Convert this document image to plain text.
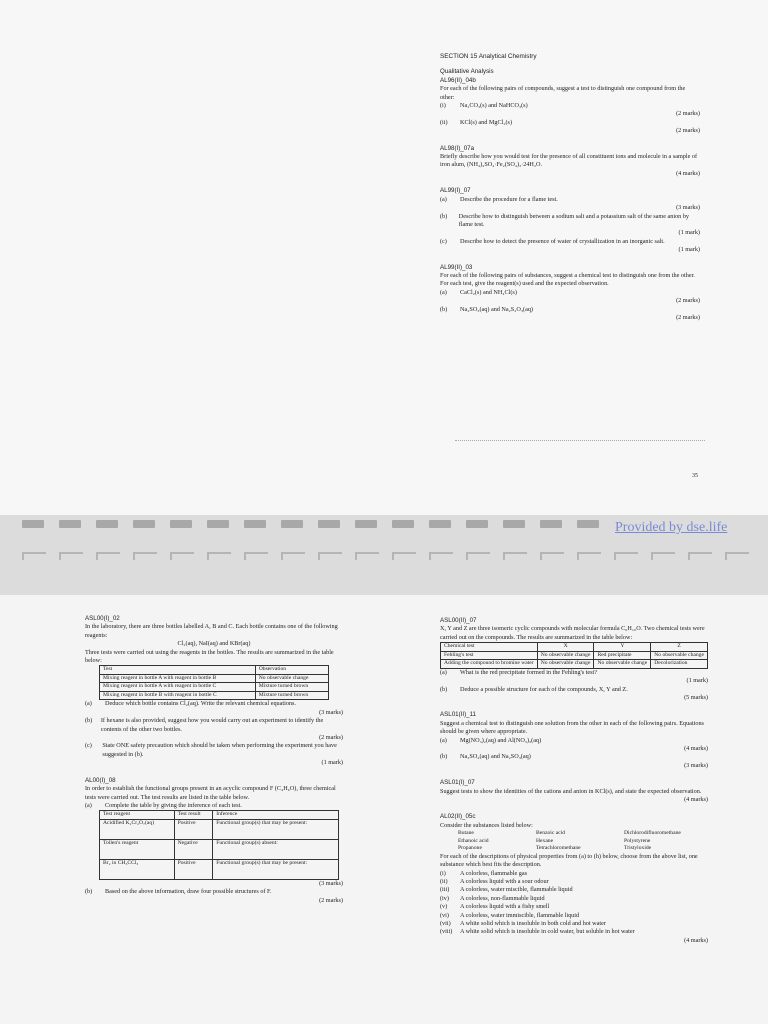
SECTION 15 Analytical Chemistry
Qualitative Analysis
AL96(II)_04b

For each of the following pairs of compounds, suggest a test to distinguish one compound from the other:

(i)	Na₂CO₃(s) and NaHCO₃(s)
(2 marks)
(ii)	KCl(s) and MgCl₂(s)
(2 marks)
AL98(I)_07a

Briefly describe how you would test for the presence of all constituent ions and molecule in a sample of iron alum, (NH₄)₂SO₄·Fe₂(SO₄)₃·24H₂O.

(4 marks)
AL99(I)_07
(a)	Describe the procedure for a flame test.
(3 marks)
(b)	Describe how to distinguish between a sodium salt and a potassium salt of the same anion by flame test.
(1 mark)
(c)	Describe how to detect the presence of water of crystallization in an inorganic salt.
(1 mark)
AL99(II)_03

For each of the following pairs of substances, suggest a chemical test to distinguish one from the other. For each test, give the reagent(s) used and the expected observation.

(a)	CaCl₂(s) and NH₄Cl(s)
(2 marks)
(b)	Na₂SO₃(aq) and Na₂S₂O₃(aq)
(2 marks)
35
Provided by dse.life
ASL00(I)_02

In the laboratory, there are three bottles labelled A, B and C. Each bottle contains one of the following reagents:

Cl₂(aq), NaI(aq) and KBr(aq)

Three tests were carried out using the reagents in the bottles. The results are summarized in the table below:

Test	Observation
Mixing reagent in bottle A with reagent in bottle B	No observable change
Mixing reagent in bottle A with reagent in bottle C	Mixture turned brown
Mixing reagent in bottle B with reagent in bottle C	Mixture turned brown
(a)	Deduce which bottle contains Cl₂(aq). Write the relevant chemical equations.
(3 marks)
(b)	If hexane is also provided, suggest how you would carry out an experiment to identify the contents of the other two bottles.
(2 marks)
(c)	State ONE safety precaution which should be taken when performing the experiment you have suggested in (b).
(1 mark)
AL00(I)_08

In order to establish the functional groups present in an acyclic compound F (C₄H₆O), three chemical tests were carried out. The test results are listed in the table below.

(a)	Complete the table by giving the inference of each test.
Test reagent	Test result	Inference
Acidified K₂Cr₂O₇(aq)	Positive	Functional group(s) that may be present:
Tollen's reagent	Negative	Functional group(s) absent:
Br₂ in CH₃CCl₃	Positive	Functional group(s) that may be present:
(3 marks)
(b)	Based on the above information, draw four possible structures of F.
(2 marks)
ASL00(II)_07

X, Y and Z are three isomeric cyclic compounds with molecular formula C₆H₁₀O. Two chemical tests were carried out on the compounds. The results are summarized in the table below:

Chemical test	X	Y	Z
Fehling's test	No observable change	Red precipitate	No observable change
Adding the compound to bromine water	No observable change	No observable change	Decolorization
(a)	What is the red precipitate formed in the Fehling's test?
(1 mark)
(b)	Deduce a possible structure for each of the compounds, X, Y and Z.
(5 marks)
ASL01(II)_11

Suggest a chemical test to distinguish one solution from the other in each of the following pairs. Equations should be given where appropriate.

(a)	Mg(NO₃)₂(aq) and Al(NO₃)₃(aq)
(4 marks)
(b)	Na₂SO₄(aq) and Na₂SO₃(aq)
(3 marks)
ASL01(I)_07

Suggest tests to show the identities of the cations and anion in KCl(s), and state the expected observation.

(4 marks)
AL02(II)_05c

Consider the substances listed below:

Butane	Benzoic acid	Dichlorodifluoromethane
Ethanoic acid	Hexane	Polystyrene
Propanone	Tetrachloromethane	Tristyloxide

For each of the descriptions of physical properties from (a) to (h) below, choose from the above list, one substance which best fits the description.

(i)	A colorless, flammable gas
(ii)	A colorless liquid with a sour odour
(iii)	A colorless, water miscible, flammable liquid
(iv)	A colorless, non-flammable liquid
(v)	A colorless liquid with a fishy smell
(vi)	A colorless, water immiscible, flammable liquid
(vii)	A white solid which is insoluble in both cold and hot water
(viii)	A white solid which is insoluble in cold water, but soluble in hot water
(4 marks)
